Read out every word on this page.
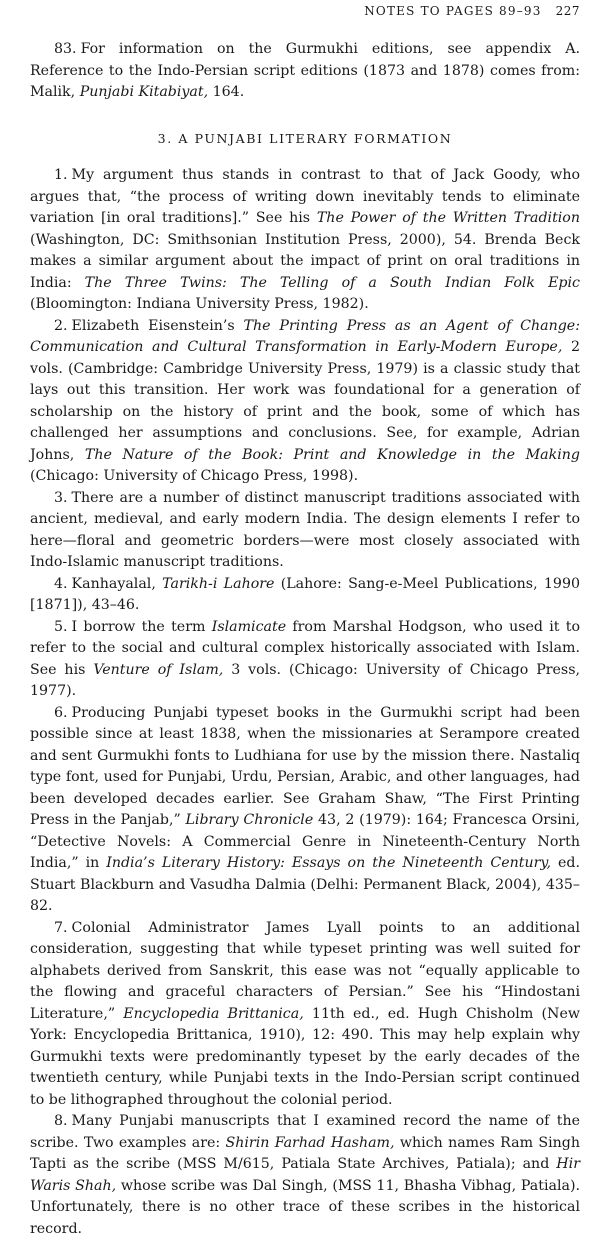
NOTES TO PAGES 89–93 227

83. For information on the Gurmukhi editions, see appendix A. Reference to the Indo-Persian script editions (1873 and 1878) comes from: Malik, Punjabi Kitabiyat, 164.

3. A PUNJABI LITERARY FORMATION

1. My argument thus stands in contrast to that of Jack Goody, who argues that, “the process of writing down inevitably tends to eliminate variation [in oral traditions].” See his The Power of the Written Tradition (Washington, DC: Smithsonian Institution Press, 2000), 54. Brenda Beck makes a similar argument about the impact of print on oral traditions in India: The Three Twins: The Telling of a South Indian Folk Epic (Bloomington: Indiana University Press, 1982).

2. Elizabeth Eisenstein’s The Printing Press as an Agent of Change: Communication and Cultural Transformation in Early-Modern Europe, 2 vols. (Cambridge: Cambridge University Press, 1979) is a classic study that lays out this transition. Her work was foundational for a generation of scholarship on the history of print and the book, some of which has challenged her assumptions and conclusions. See, for example, Adrian Johns, The Nature of the Book: Print and Knowledge in the Making (Chicago: University of Chicago Press, 1998).

3. There are a number of distinct manuscript traditions associated with ancient, medieval, and early modern India. The design elements I refer to here—floral and geometric borders—were most closely associated with Indo-Islamic manuscript traditions.

4. Kanhayalal, Tarikh-i Lahore (Lahore: Sang-e-Meel Publications, 1990 [1871]), 43–46.

5. I borrow the term Islamicate from Marshal Hodgson, who used it to refer to the social and cultural complex historically associated with Islam. See his Venture of Islam, 3 vols. (Chicago: University of Chicago Press, 1977).

6. Producing Punjabi typeset books in the Gurmukhi script had been possible since at least 1838, when the missionaries at Serampore created and sent Gurmukhi fonts to Ludhiana for use by the mission there. Nastaliq type font, used for Punjabi, Urdu, Persian, Arabic, and other languages, had been developed decades earlier. See Graham Shaw, “The First Printing Press in the Panjab,” Library Chronicle 43, 2 (1979): 164; Francesca Orsini, “Detective Novels: A Commercial Genre in Nineteenth-Century North India,” in India’s Literary History: Essays on the Nineteenth Century, ed. Stuart Blackburn and Vasudha Dalmia (Delhi: Permanent Black, 2004), 435–82.

7. Colonial Administrator James Lyall points to an additional consideration, suggesting that while typeset printing was well suited for alphabets derived from Sanskrit, this ease was not “equally applicable to the flowing and graceful characters of Persian.” See his “Hindostani Literature,” Encyclopedia Brittanica, 11th ed., ed. Hugh Chisholm (New York: Encyclopedia Brittanica, 1910), 12: 490. This may help explain why Gurmukhi texts were predominantly typeset by the early decades of the twentieth century, while Punjabi texts in the Indo-Persian script continued to be lithographed throughout the colonial period.

8. Many Punjabi manuscripts that I examined record the name of the scribe. Two examples are: Shirin Farhad Hasham, which names Ram Singh Tapti as the scribe (MSS M/615, Patiala State Archives, Patiala); and Hir Waris Shah, whose scribe was Dal Singh, (MSS 11, Bhasha Vibhag, Patiala). Unfortunately, there is no other trace of these scribes in the historical record.
